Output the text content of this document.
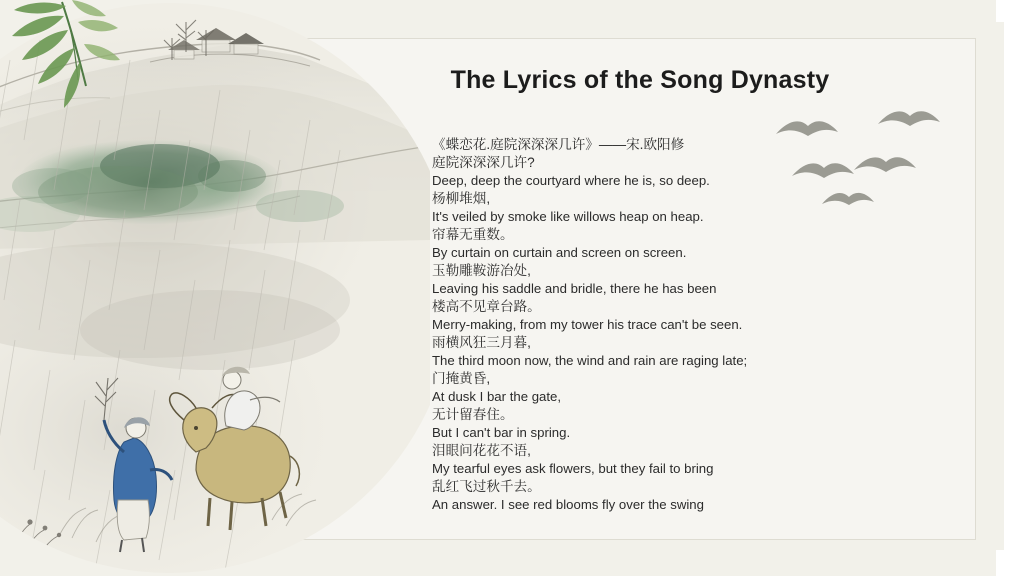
The Lyrics of the Song Dynasty
《蝶恋花.庭院深深深几许》——宋.欧阳修
庭院深深深几许?
Deep, deep the courtyard where he is, so deep.
杨柳堆烟,
It's veiled by smoke like willows heap on heap.
帘幕无重数。
By curtain on curtain and screen on screen.
玉勒雕鞍游冶处,
Leaving his saddle and bridle, there he has been
楼高不见章台路。
Merry-making, from my tower his trace can't be seen.
雨横风狂三月暮,
The third moon now, the wind and rain are raging late;
门掩黄昏,
At dusk I bar the gate,
无计留春住。
But I can't bar in spring.
泪眼问花花不语,
My tearful eyes ask flowers, but they fail to bring
乱红飞过秋千去。
An answer. I see red blooms fly over the swing
